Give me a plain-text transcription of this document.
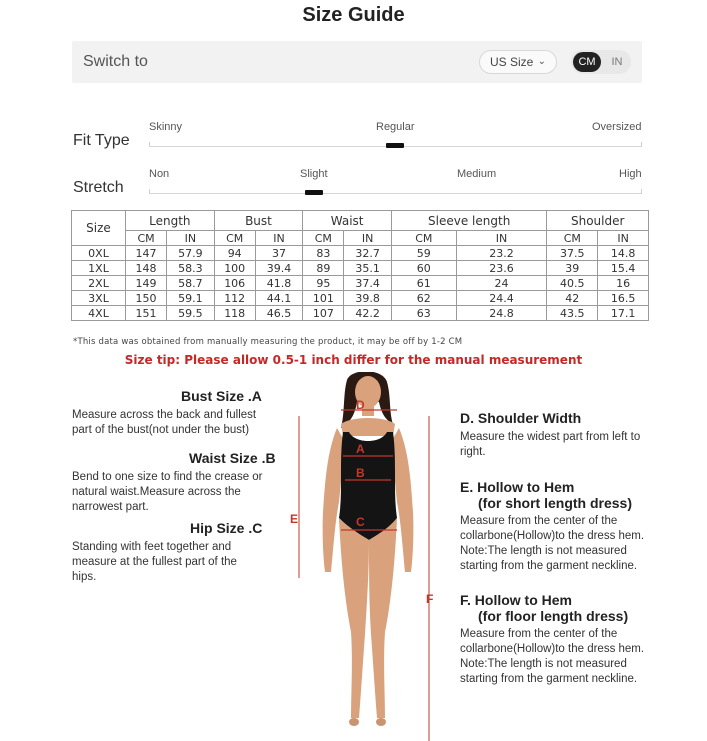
Size Guide
Switch to	US Size ⌄	CM	IN
Fit Type
Skinny	Regular	Oversized
Stretch
Non	Slight	Medium	High
Size	Length		Bust		Waist		Sleeve length		Shoulder	
	CM	IN	CM	IN	CM	IN	CM	IN	CM	IN
0XL	147	57.9	94	37	83	32.7	59	23.2	37.5	14.8
1XL	148	58.3	100	39.4	89	35.1	60	23.6	39	15.4
2XL	149	58.7	106	41.8	95	37.4	61	24	40.5	16
3XL	150	59.1	112	44.1	101	39.8	62	24.4	42	16.5
4XL	151	59.5	118	46.5	107	42.2	63	24.8	43.5	17.1
*This data was obtained from manually measuring the product, it may be off by 1-2 CM
Size tip: Please allow 0.5-1 inch differ for the manual measurement
Bust Size .A
Measure across the back and fullest
part of the bust(not under the bust)
Waist Size .B
Bend to one size to find the crease or
natural waist.Measure across the
narrowest part.
Hip Size .C
Standing with feet together and
measure at the fullest part of the
hips.
D. Shoulder Width
Measure the widest part from left to
right.
E. Hollow to Hem
(for short length dress)
Measure from the center of the
collarbone(Hollow)to the dress hem.
Note:The length is not measured
starting from the garment neckline.
F. Hollow to Hem
(for floor length dress)
Measure from the center of the
collarbone(Hollow)to the dress hem.
Note:The length is not measured
starting from the garment neckline.
D
A
B
C
E
F
